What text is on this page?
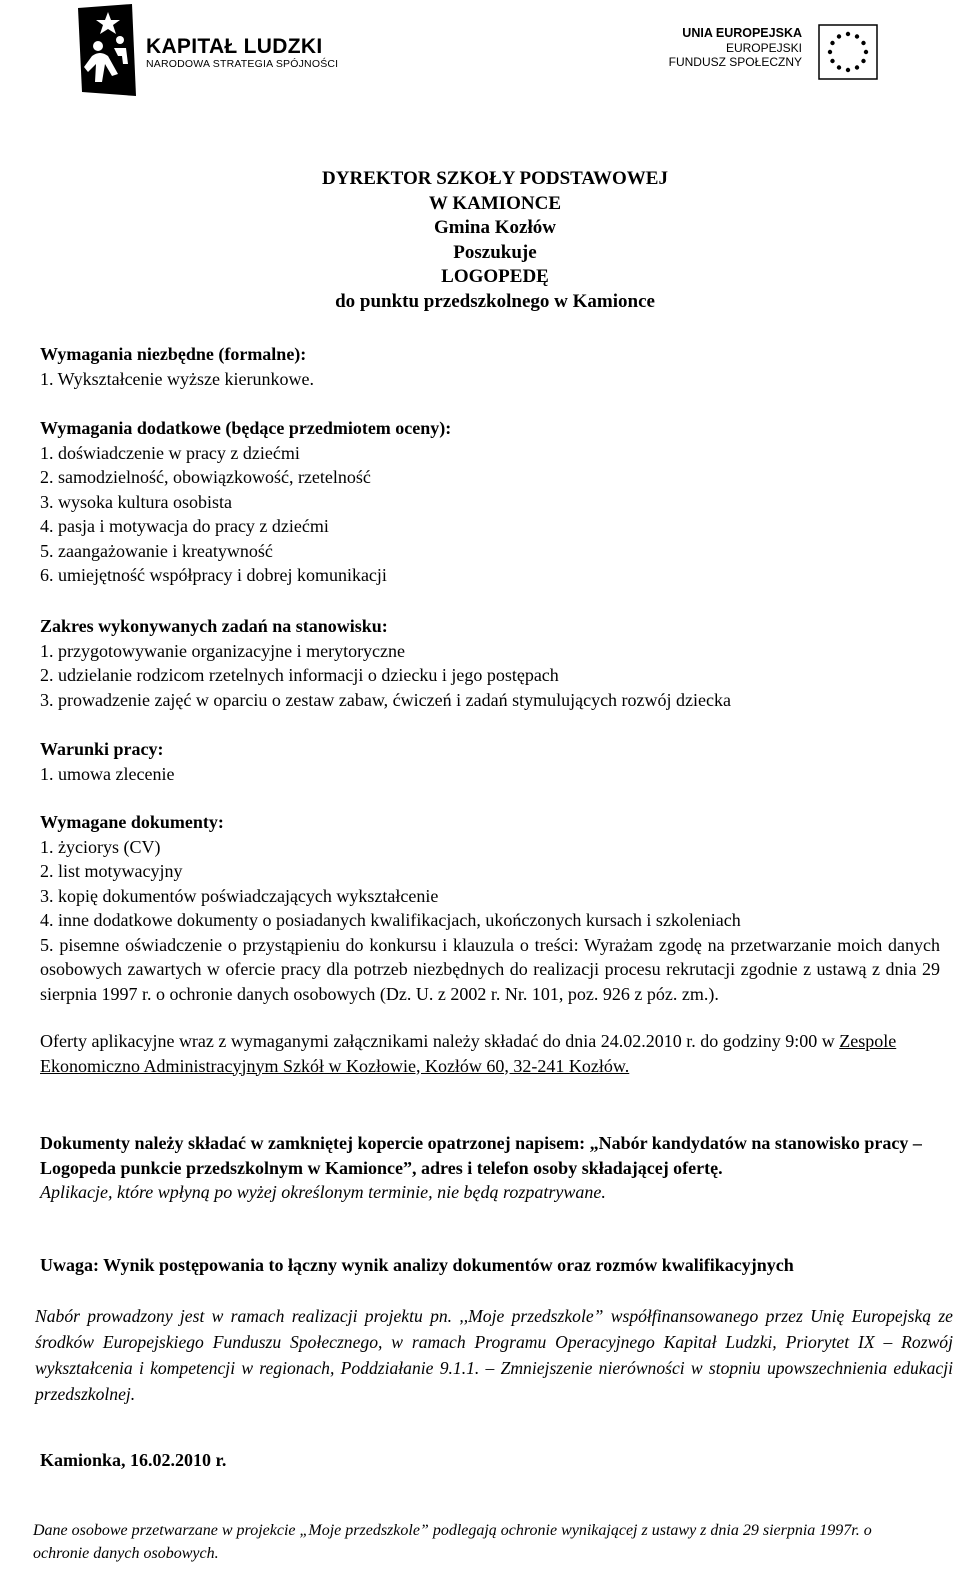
KAPITAŁ LUDZKI
NARODOWA STRATEGIA SPÓJNOŚCI
UNIA EUROPEJSKA
EUROPEJSKI
FUNDUSZ SPOŁECZNY
DYREKTOR SZKOŁY PODSTAWOWEJ
W KAMIONCE
Gmina Kozłów
Poszukuje
LOGOPEDĘ
do punktu przedszkolnego w Kamionce
Wymagania niezbędne (formalne):
1. Wykształcenie wyższe kierunkowe.
Wymagania dodatkowe (będące przedmiotem oceny):
1. doświadczenie w pracy z dziećmi
2. samodzielność, obowiązkowość, rzetelność
3. wysoka kultura osobista
4. pasja i motywacja do pracy z dziećmi
5. zaangażowanie i kreatywność
6. umiejętność współpracy i dobrej komunikacji
Zakres wykonywanych zadań na stanowisku:
1. przygotowywanie organizacyjne i merytoryczne
2. udzielanie rodzicom rzetelnych informacji o dziecku i jego postępach
3. prowadzenie zajęć w oparciu o zestaw zabaw, ćwiczeń i zadań stymulujących rozwój dziecka
Warunki pracy:
1. umowa zlecenie
Wymagane dokumenty:
1. życiorys (CV)
2. list motywacyjny
3. kopię dokumentów poświadczających wykształcenie
4. inne dodatkowe dokumenty o posiadanych kwalifikacjach, ukończonych kursach i szkoleniach
5. pisemne oświadczenie o przystąpieniu do konkursu i klauzula o treści: Wyrażam zgodę na przetwarzanie moich danych osobowych zawartych w ofercie pracy dla potrzeb niezbędnych do realizacji procesu rekrutacji zgodnie z ustawą z dnia 29 sierpnia 1997 r. o ochronie danych osobowych (Dz. U. z 2002 r. Nr. 101, poz. 926 z póz. zm.).
Oferty aplikacyjne wraz z wymaganymi załącznikami należy składać do dnia 24.02.2010 r. do godziny 9:00 w Zespole Ekonomiczno Administracyjnym Szkół w Kozłowie, Kozłów 60, 32-241 Kozłów.
Dokumenty należy składać w zamkniętej kopercie opatrzonej napisem: „Nabór kandydatów na stanowisko pracy – Logopeda punkcie przedszkolnym w Kamionce”, adres i telefon osoby składającej ofertę.
Aplikacje, które wpłyną po wyżej określonym terminie, nie będą rozpatrywane.
Uwaga: Wynik postępowania to łączny wynik analizy dokumentów oraz rozmów kwalifikacyjnych
Nabór prowadzony jest w ramach realizacji projektu pn. ,,Moje przedszkole” współfinansowanego przez Unię Europejską ze środków Europejskiego Funduszu Społecznego, w ramach Programu Operacyjnego Kapitał Ludzki, Priorytet IX – Rozwój wykształcenia i kompetencji w regionach, Poddziałanie 9.1.1. – Zmniejszenie nierówności w stopniu upowszechnienia edukacji przedszkolnej.
Kamionka, 16.02.2010 r.
Dane osobowe przetwarzane w projekcie „Moje przedszkole” podlegają ochronie wynikającej z ustawy z dnia 29 sierpnia 1997r. o ochronie danych osobowych.
